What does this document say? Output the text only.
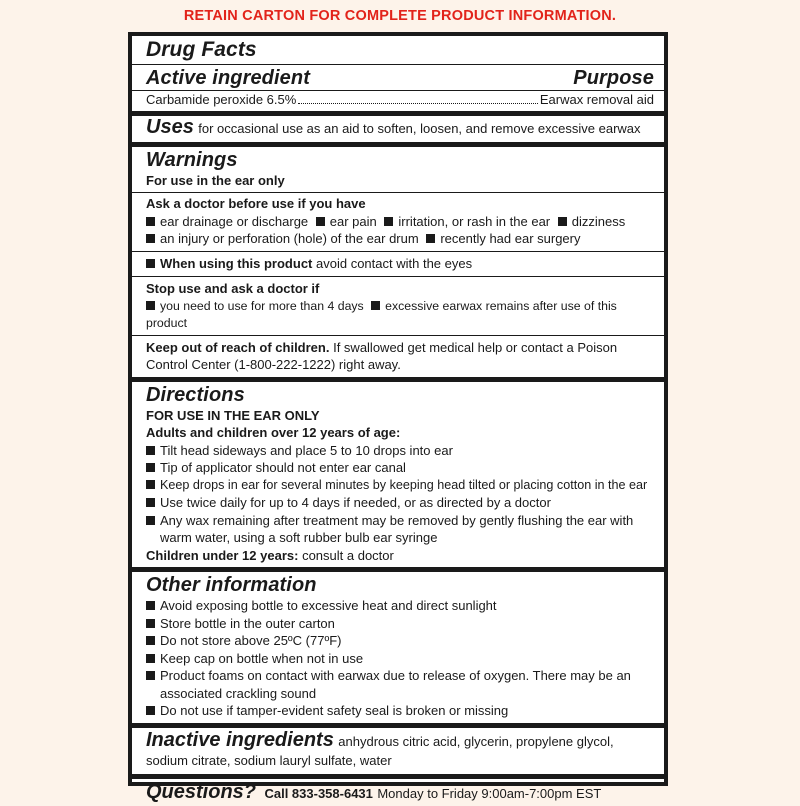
RETAIN CARTON FOR COMPLETE PRODUCT INFORMATION.
Drug Facts
Active ingredient	Purpose
Carbamide peroxide 6.5%	Earwax removal aid
Uses for occasional use as an aid to soften, loosen, and remove excessive earwax
Warnings
For use in the ear only
Ask a doctor before use if you have
ear drainage or discharge ear pain irritation, or rash in the ear dizziness
an injury or perforation (hole) of the ear drum recently had ear surgery
When using this product avoid contact with the eyes
Stop use and ask a doctor if
you need to use for more than 4 days excessive earwax remains after use of this product
Keep out of reach of children. If swallowed get medical help or contact a Poison Control Center (1-800-222-1222) right away.
Directions
FOR USE IN THE EAR ONLY
Adults and children over 12 years of age:
Tilt head sideways and place 5 to 10 drops into ear
Tip of applicator should not enter ear canal
Keep drops in ear for several minutes by keeping head tilted or placing cotton in the ear
Use twice daily for up to 4 days if needed, or as directed by a doctor
Any wax remaining after treatment may be removed by gently flushing the ear with warm water, using a soft rubber bulb ear syringe
Children under 12 years: consult a doctor
Other information
Avoid exposing bottle to excessive heat and direct sunlight
Store bottle in the outer carton
Do not store above 25ºC (77ºF)
Keep cap on bottle when not in use
Product foams on contact with earwax due to release of oxygen. There may be an associated crackling sound
Do not use if tamper-evident safety seal is broken or missing
Inactive ingredients anhydrous citric acid, glycerin, propylene glycol, sodium citrate, sodium lauryl sulfate, water
Questions? Call 833-358-6431 Monday to Friday 9:00am-7:00pm EST
